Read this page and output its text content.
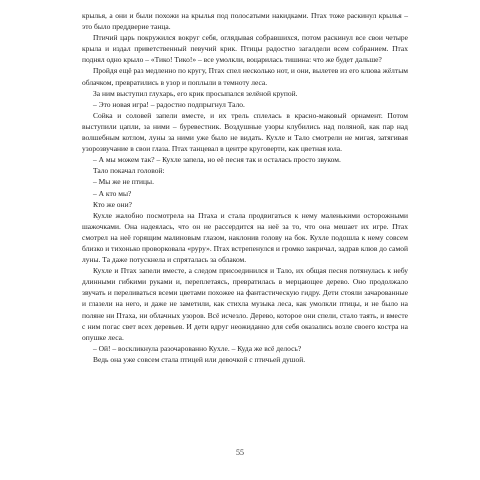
крылья, а они и были похожи на крылья под полосатыми накидками. Птах тоже раскинул крылья – это было преддверие танца.

Птичий царь покружился вокруг себя, оглядывая собравшихся, потом раскинул все свои четыре крыла и издал приветственный певучий крик. Птицы радостно загалдели всем собранием. Птах поднял одно крыло – «Тико! Тико!» – все умолкли, воцарилась тишина: что же будет дальше?

Пройдя ещё раз медленно по кругу, Птах спел несколько нот, и они, вылетев из его клюва жёлтым облачком, превратились в узор и поплыли в темноту леса.

За ним выступил глухарь, его крик просыпался зелёной крупой.

– Это новая игра! – радостно подпрыгнул Тало.

Сойка и соловей запели вместе, и их трель сплелась в красно-маковый орнамент. Потом выступили цапли, за ними – буревестник. Воздушные узоры клубились над поляной, как пар над волшебным котлом, луны за ними уже было не видать. Кухле и Тало смотрели не мигая, затягивая узорозвучание в свои глаза. Птах танцевал в центре круговерти, как цветная юла.

– А мы можем так? – Кухле запела, но её песня так и осталась просто звуком.

Тало покачал головой:

– Мы же не птицы.

– А кто мы?

Кто же они?

Кухле жалобно посмотрела на Птаха и стала продвигаться к нему маленькими осторожными шажочками. Она надеялась, что он не рассердится на неё за то, что она мешает их игре. Птах смотрел на неё горящим малиновым глазом, наклонив голову на бок. Кухле подошла к нему совсем близко и тихонько проворковала «руру». Птах встрепенулся и громко закричал, задрав клюв до самой луны. Та даже потускнела и спряталась за облаком.

Кухле и Птах запели вместе, а следом присоединился и Тало, их общая песня потянулась к небу длинными гибкими руками и, переплетаясь, превратилась в мерцающее дерево. Оно продолжало звучать и переливаться всеми цветами похожее на фантастическую гидру. Дети стояли зачарованные и глазели на него, и даже не заметили, как стихла музыка леса, как умолкли птицы, и не было на поляне ни Птаха, ни облачных узоров. Всё исчезло. Дерево, которое они спели, стало таять, и вместе с ним погас свет всех деревьев. И дети вдруг неожиданно для себя оказались возле своего костра на опушке леса.

– Ой! – воскликнула разочарованно Кухле. – Куда же всё делось?

Ведь она уже совсем стала птицей или девочкой с птичьей душой.

55
